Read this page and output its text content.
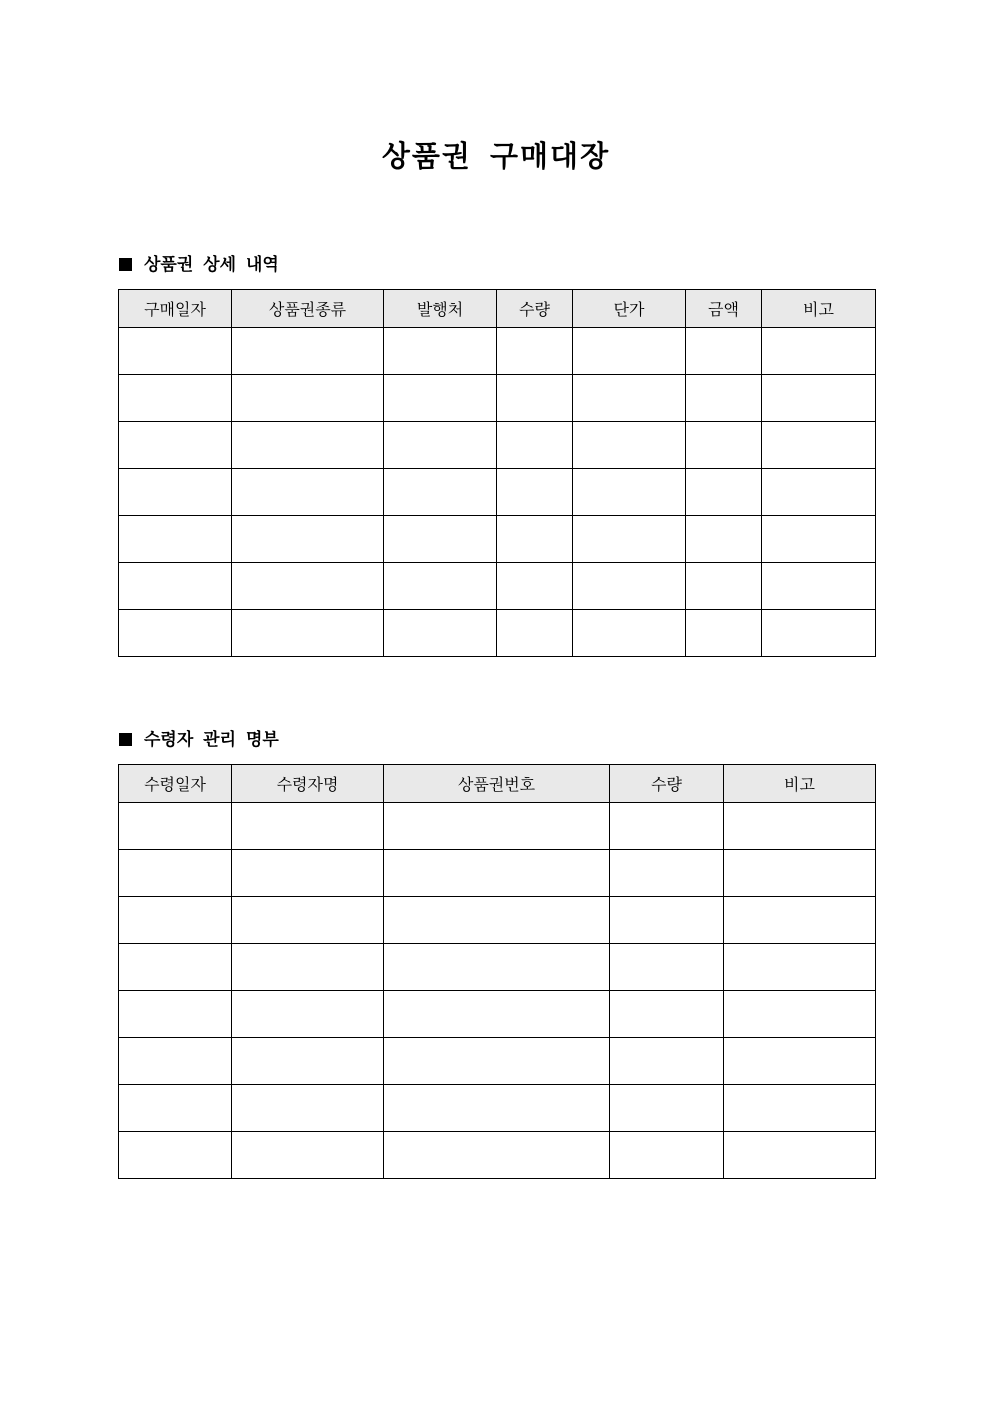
상품권 구매대장
상품권 상세 내역
구매일자	상품권종류	발행처	수량	단가	금액	비고

수령자 관리 명부
수령일자	수령자명	상품권번호	수량	비고
